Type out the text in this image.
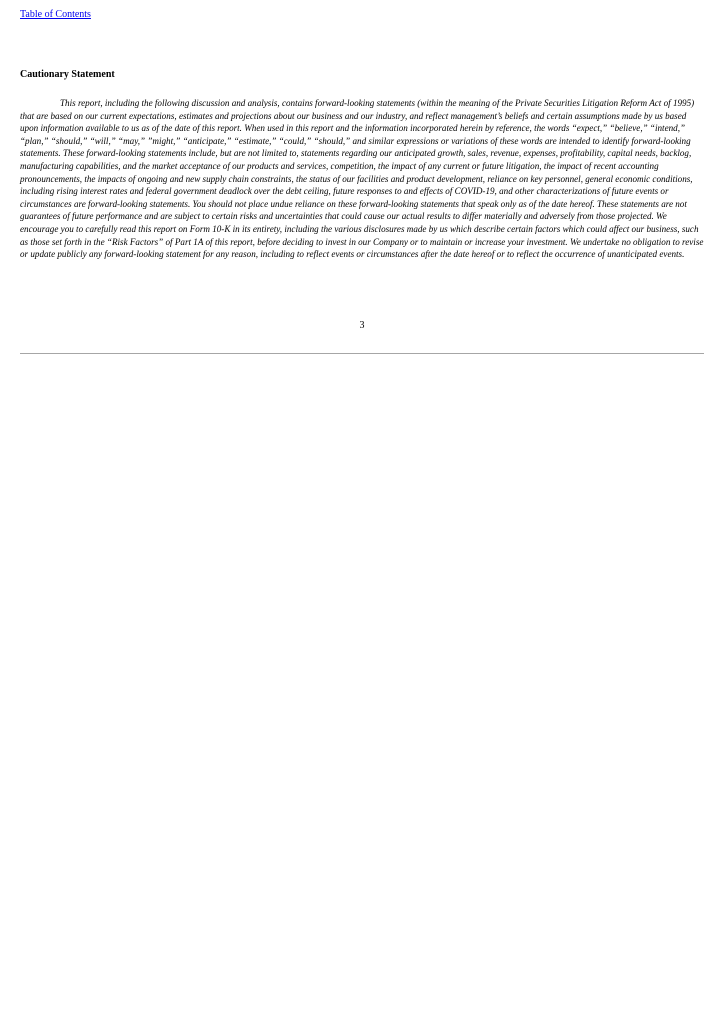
Table of Contents
Cautionary Statement

This report, including the following discussion and analysis, contains forward-looking statements (within the meaning of the Private Securities Litigation Reform Act of 1995) that are based on our current expectations, estimates and projections about our business and our industry, and reflect management’s beliefs and certain assumptions made by us based upon information available to us as of the date of this report. When used in this report and the information incorporated herein by reference, the words “expect,” “believe,” “intend,” “plan,” “should,” “will,” “may,” ”might,” “anticipate,” “estimate,” “could,” “should,” and similar expressions or variations of these words are intended to identify forward-looking statements. These forward-looking statements include, but are not limited to, statements regarding our anticipated growth, sales, revenue, expenses, profitability, capital needs, backlog, manufacturing capabilities, and the market acceptance of our products and services, competition, the impact of any current or future litigation, the impact of recent accounting pronouncements, the impacts of ongoing and new supply chain constraints, the status of our facilities and product development, reliance on key personnel, general economic conditions, including rising interest rates and federal government deadlock over the debt ceiling, future responses to and effects of COVID-19, and other characterizations of future events or circumstances are forward-looking statements. You should not place undue reliance on these forward-looking statements that speak only as of the date hereof. These statements are not guarantees of future performance and are subject to certain risks and uncertainties that could cause our actual results to differ materially and adversely from those projected. We encourage you to carefully read this report on Form 10-K in its entirety, including the various disclosures made by us which describe certain factors which could affect our business, such as those set forth in the “Risk Factors” of Part 1A of this report, before deciding to invest in our Company or to maintain or increase your investment. We undertake no obligation to revise or update publicly any forward-looking statement for any reason, including to reflect events or circumstances after the date hereof or to reflect the occurrence of unanticipated events.

3
